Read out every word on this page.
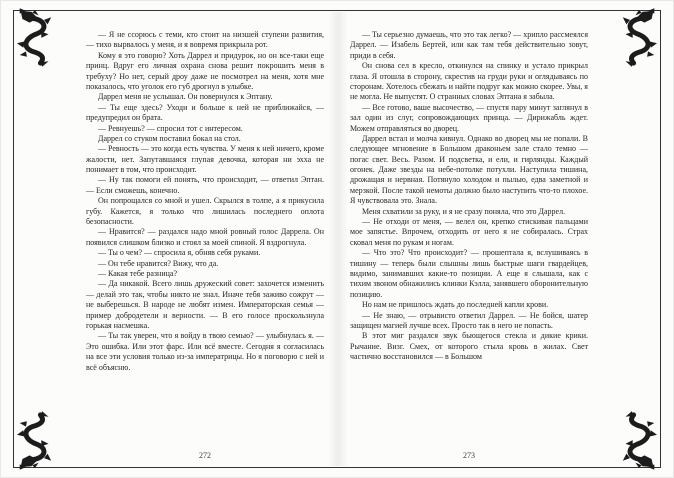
— Я не ссорюсь с теми, кто стоит на низшей ступени развития, — тихо вырвалось у меня, и я вовремя прикрыла рот.

Кому я это говорю? Хоть Даррел и придурок, но он все-таки еще принц. Вдруг его личная охрана снова решит покрошить меня в требуху? Но нет, серый дроу даже не посмотрел на меня, хотя мне показалось, что уголок его губ дрогнул в улыбке.

Даррел меня не услышал. Он повернулся к Эптану.

— Ты еще здесь? Уходи и больше к ней не приближайся, — предупредил он брата.

— Ревнуешь? — спросил тот с интересом.

Даррел со стуком поставил бокал на стол.

— Ревность — это когда есть чувства. У меня к ней ничего, кроме жалости, нет. Запутавшаяся глупая девочка, которая ни эхха не понимает в том, что происходит.

— Ну так помоги ей понять, что происходит, — ответил Эптан. — Если сможешь, конечно.

Он попрощался со мной и ушел. Скрылся в толпе, а я прикусила губу. Кажется, я только что лишилась последнего оплота безопасности.

— Нравится? — раздался надо мной ровный голос Даррела. Он появился слишком близко и стоял за моей спиной. Я вздрогнула.

— Ты о чем? — спросила я, обняв себя руками.

— Он тебе нравится? Вижу, что да.

— Какая тебе разница?

— Да никакой. Всего лишь дружеский совет: захочется изменить — делай это так, чтобы никто не знал. Иначе тебя заживо сожрут — не выберешься. В народе не любят измен. Императорская семья — пример добродетели и верности. — В его голосе проскользнула горькая насмешка.

— Ты так уверен, что я войду в твою семью? — улыбнулась я. — Это ошибка. Или этот фарс. Или всё вместе. Сегодня я согласилась на все эти условия только из-за императрицы. Но я поговорю с ней и всё объясню.

272

— Ты серьезно думаешь, что это так легко? — хрипло рассмеялся Даррел. — Изабель Бертей, или как там тебя действительно зовут, приди в себя.

Он снова сел в кресло, откинулся на спинку и устало прикрыл глаза. Я отошла в сторону, скрестив на груди руки и оглядываясь по сторонам. Хотелось сбежать и найти подруг как можно скорее. Увы, я не могла. Не выпустят. О странных словах Эптана я забыла.

— Все готово, ваше высочество, — спустя пару минут заглянул в зал один из слуг, сопровождающих принца. — Дирижабль ждет. Можем отправляться во дворец.

Даррел встал и молча кивнул. Однако во дворец мы не попали. В следующее мгновение в Большом драконьем зале стало темно — погас свет. Весь. Разом. И подсветка, и ели, и гирлянды. Каждый огонек. Даже звезды на небе-потолке потухли. Наступила тишина, дрожащая и нервная. Потянуло холодом и пылью, едва заметной и мерзкой. После такой немоты должно было наступить что-то плохое. Я чувствовала это. Знала.

Меня схватили за руку, и я не сразу поняла, что это Даррел.

— Не отходи от меня, — велел он, крепко стискивая пальцами мое запястье. Впрочем, отходить от него я не собиралась. Страх сковал меня по рукам и ногам.

— Что это? Что происходит? — прошептала я, вслушиваясь в тишину — теперь были слышны лишь быстрые шаги гвардейцев, видимо, занимавших какие-то позиции. А еще я слышала, как с тихим звоном обнажились клинки Кэлла, занявшего оборонительную позицию.

Но нам не пришлось ждать до последней капли крови.

— Не знаю, — отрывисто ответил Даррел. — Не бойся, шатер защищен магией лучше всех. Просто так в него не попасть.

В этот миг раздался звук бьющегося стекла и дикие крики. Рычание. Визг. Смех, от которого стыла кровь в жилах. Свет частично восстановился — в Большом

273
